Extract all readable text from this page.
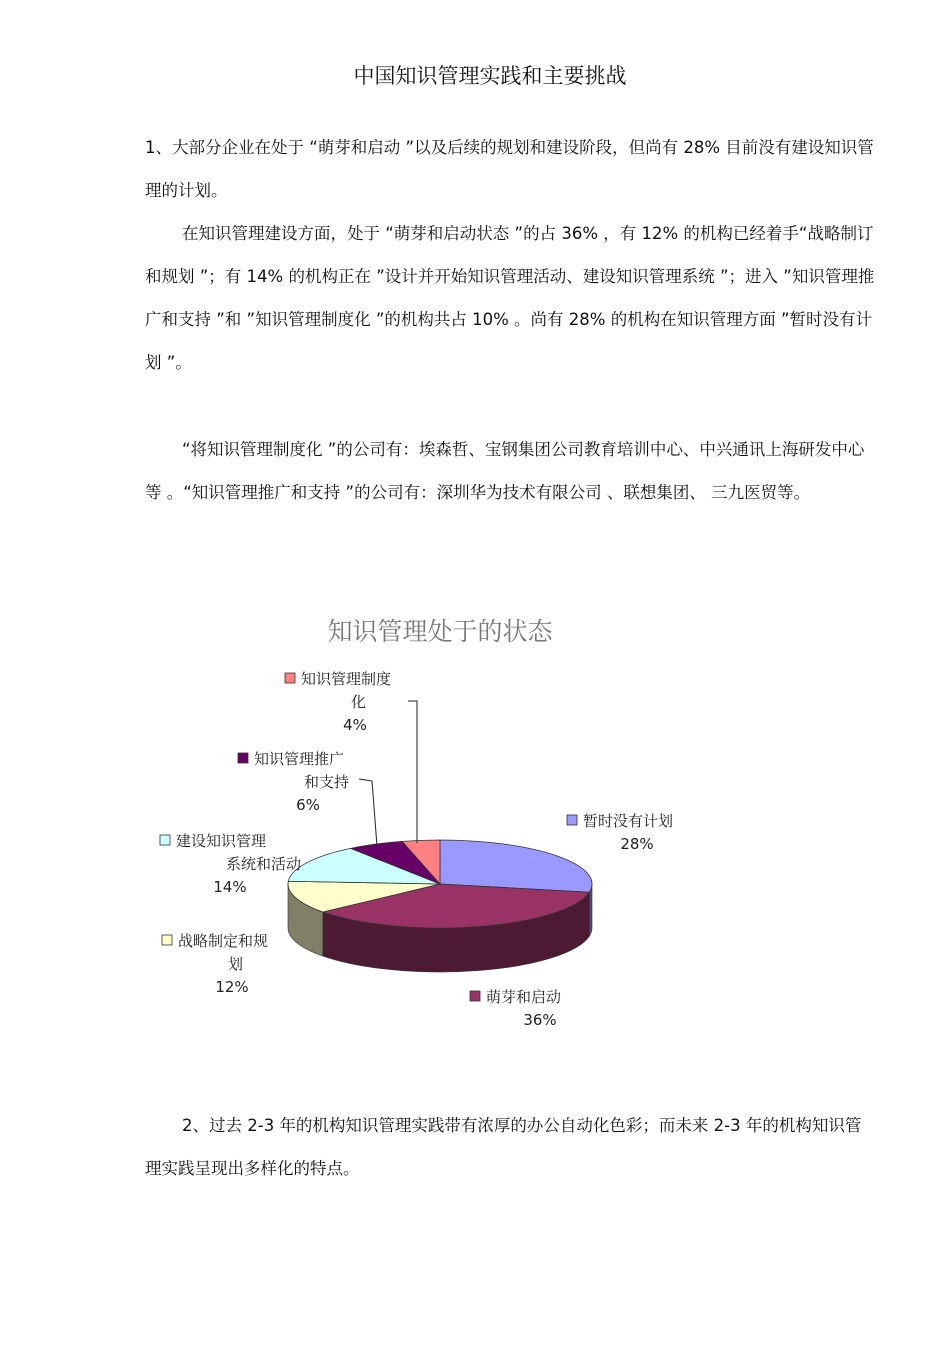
中国知识管理实践和主要挑战

1、大部分企业在处于 “萌芽和启动 ”以及后续的规划和建设阶段，但尚有 28% 目前没有建设知识管理的计划。

在知识管理建设方面，处于 “萌芽和启动状态 ”的占 36% ，有 12% 的机构已经着手“战略制订和规划 ”；有 14% 的机构正在 ”设计并开始知识管理活动、建设知识管理系统 ”；进入 ”知识管理推广和支持 ”和 ”知识管理制度化 ”的机构共占 10% 。尚有 28% 的机构在知识管理方面 ”暂时没有计划 ”。

“将知识管理制度化 ”的公司有：埃森哲、宝钢集团公司教育培训中心、中兴通讯上海研发中心等 。“知识管理推广和支持 ”的公司有：深圳华为技术有限公司 、联想集团、 三九医贸等。

知识管理处于的状态
暂时没有计划
28%
萌芽和启动
36%
战略制定和规
划
12%
建设知识管理
系统和活动
14%
知识管理推广
和支持
6%
知识管理制度
化
4%

2、过去 2-3 年的机构知识管理实践带有浓厚的办公自动化色彩；而未来 2-3 年的机构知识管理实践呈现出多样化的特点。
